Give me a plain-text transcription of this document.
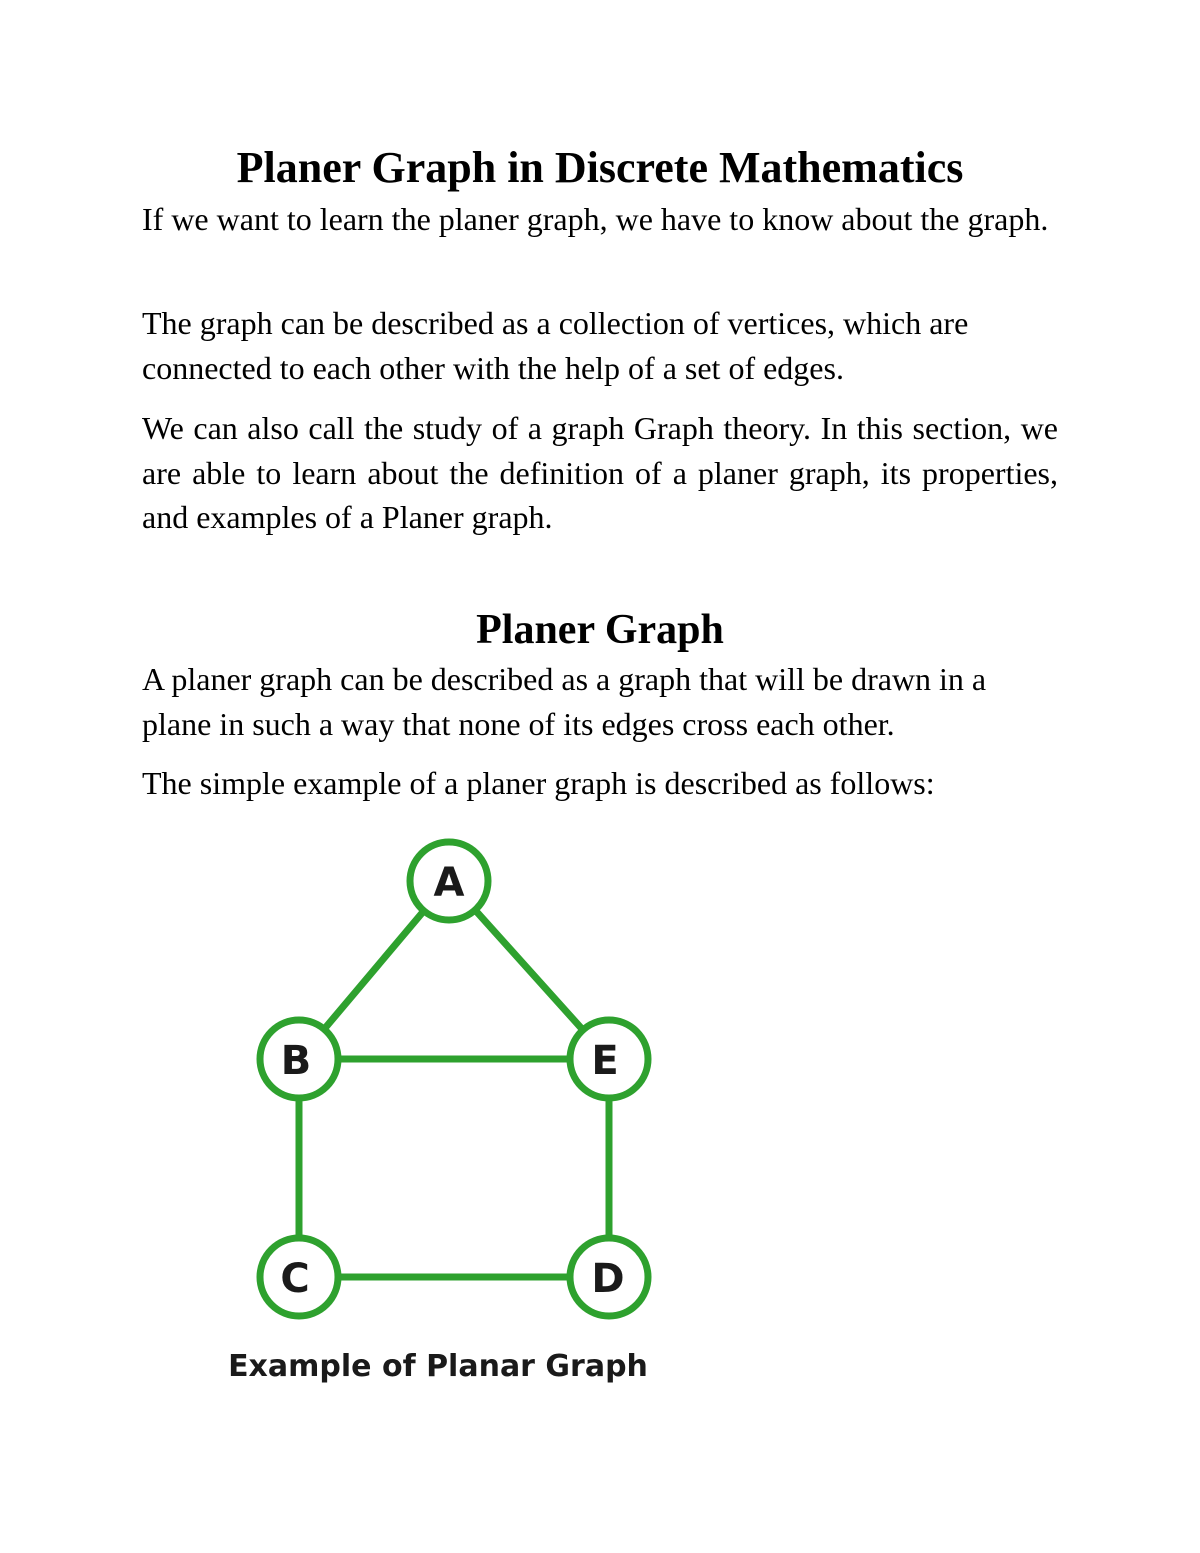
Planer Graph in Discrete Mathematics

If we want to learn the planer graph, we have to know about the graph.

The graph can be described as a collection of vertices, which are connected to each other with the help of a set of edges.

We can also call the study of a graph Graph theory. In this section, we are able to learn about the definition of a planer graph, its properties, and examples of a Planer graph.

Planer Graph

A planer graph can be described as a graph that will be drawn in a plane in such a way that none of its edges cross each other.

The simple example of a planer graph is described as follows:

A
B	E
C	D
Example of Planar Graph
